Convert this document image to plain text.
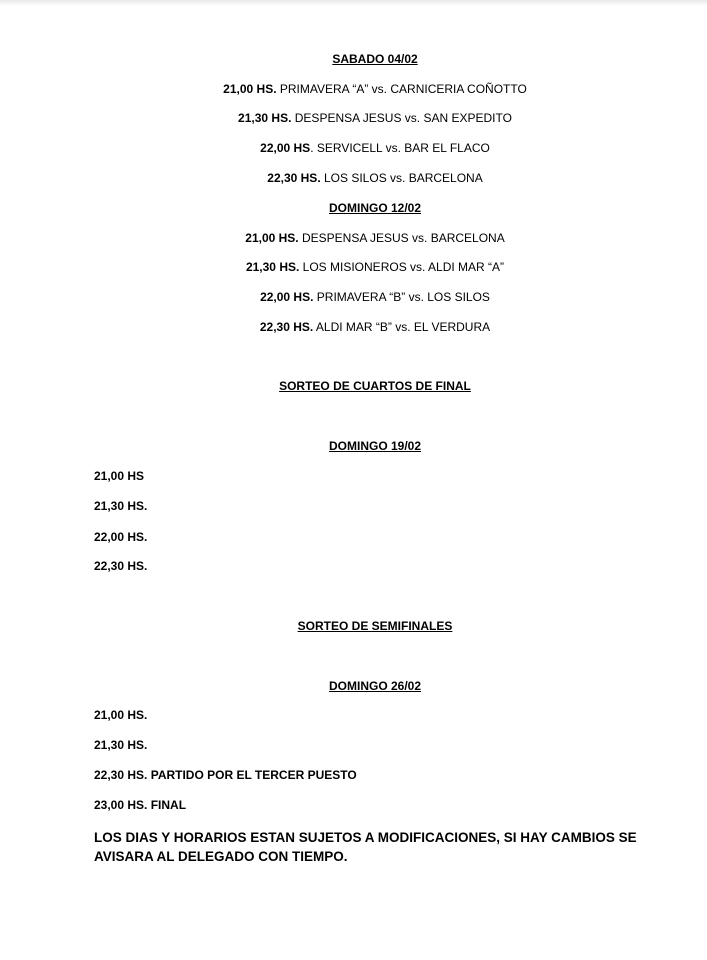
SABADO 04/02
21,00 HS. PRIMAVERA “A” vs. CARNICERIA COÑOTTO
21,30 HS. DESPENSA JESUS vs. SAN EXPEDITO
22,00 HS. SERVICELL vs. BAR EL FLACO
22,30 HS. LOS SILOS vs. BARCELONA
DOMINGO 12/02
21,00 HS. DESPENSA JESUS vs. BARCELONA
21,30 HS. LOS MISIONEROS vs. ALDI MAR “A”
22,00 HS. PRIMAVERA “B” vs. LOS SILOS
22,30 HS. ALDI MAR “B” vs. EL VERDURA
SORTEO DE CUARTOS DE FINAL
DOMINGO 19/02
21,00 HS
21,30 HS.
22,00 HS.
22,30 HS.
SORTEO DE SEMIFINALES
DOMINGO 26/02
21,00 HS.
21,30 HS.
22,30 HS. PARTIDO POR EL TERCER PUESTO
23,00 HS. FINAL
LOS DIAS Y HORARIOS ESTAN SUJETOS A MODIFICACIONES, SI HAY CAMBIOS SE AVISARA AL DELEGADO CON TIEMPO.
